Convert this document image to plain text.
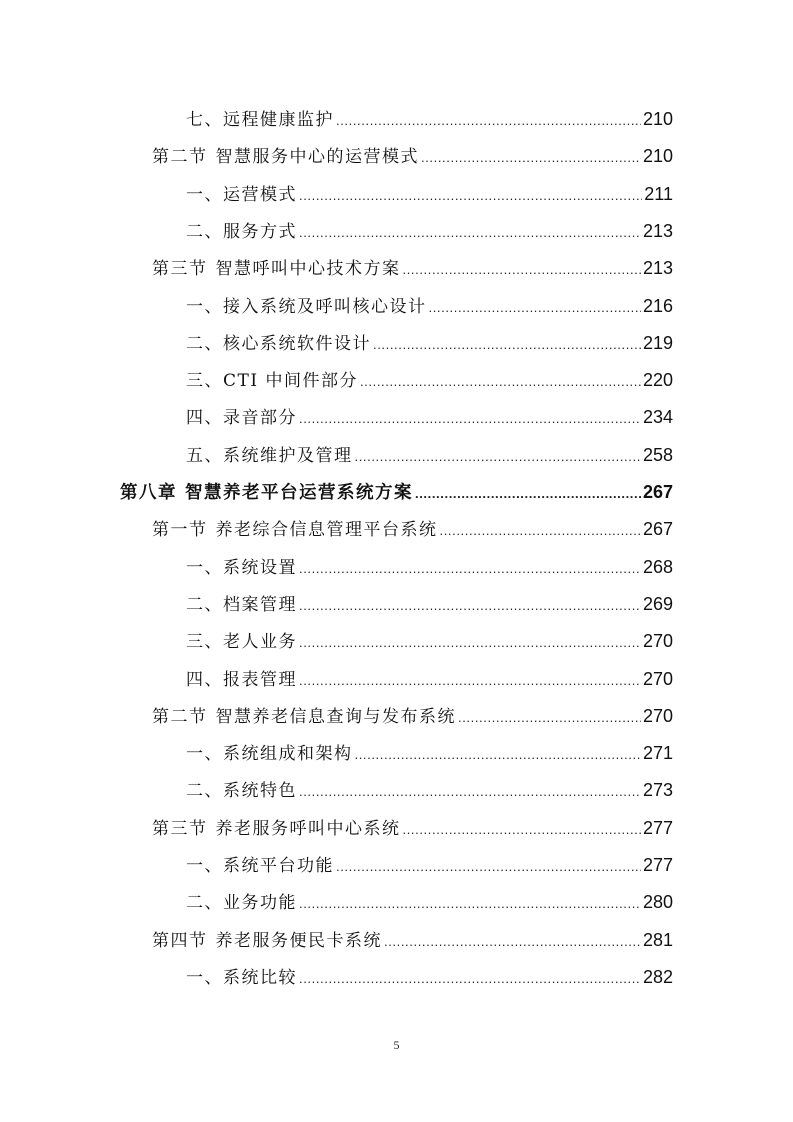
七、远程健康监护 .....	210
第二节 智慧服务中心的运营模式 .....	210
一、运营模式 .....	211
二、服务方式 .....	213
第三节 智慧呼叫中心技术方案 .....	213
一、接入系统及呼叫核心设计 .....	216
二、核心系统软件设计 .....	219
三、CTI 中间件部分 .....	220
四、录音部分 .....	234
五、系统维护及管理 .....	258
第八章 智慧养老平台运营系统方案 .....	267
第一节 养老综合信息管理平台系统 .....	267
一、系统设置 .....	268
二、档案管理 .....	269
三、老人业务 .....	270
四、报表管理 .....	270
第二节 智慧养老信息查询与发布系统 .....	270
一、系统组成和架构 .....	271
二、系统特色 .....	273
第三节 养老服务呼叫中心系统 .....	277
一、系统平台功能 .....	277
二、业务功能 .....	280
第四节 养老服务便民卡系统 .....	281
一、系统比较 .....	282
5
